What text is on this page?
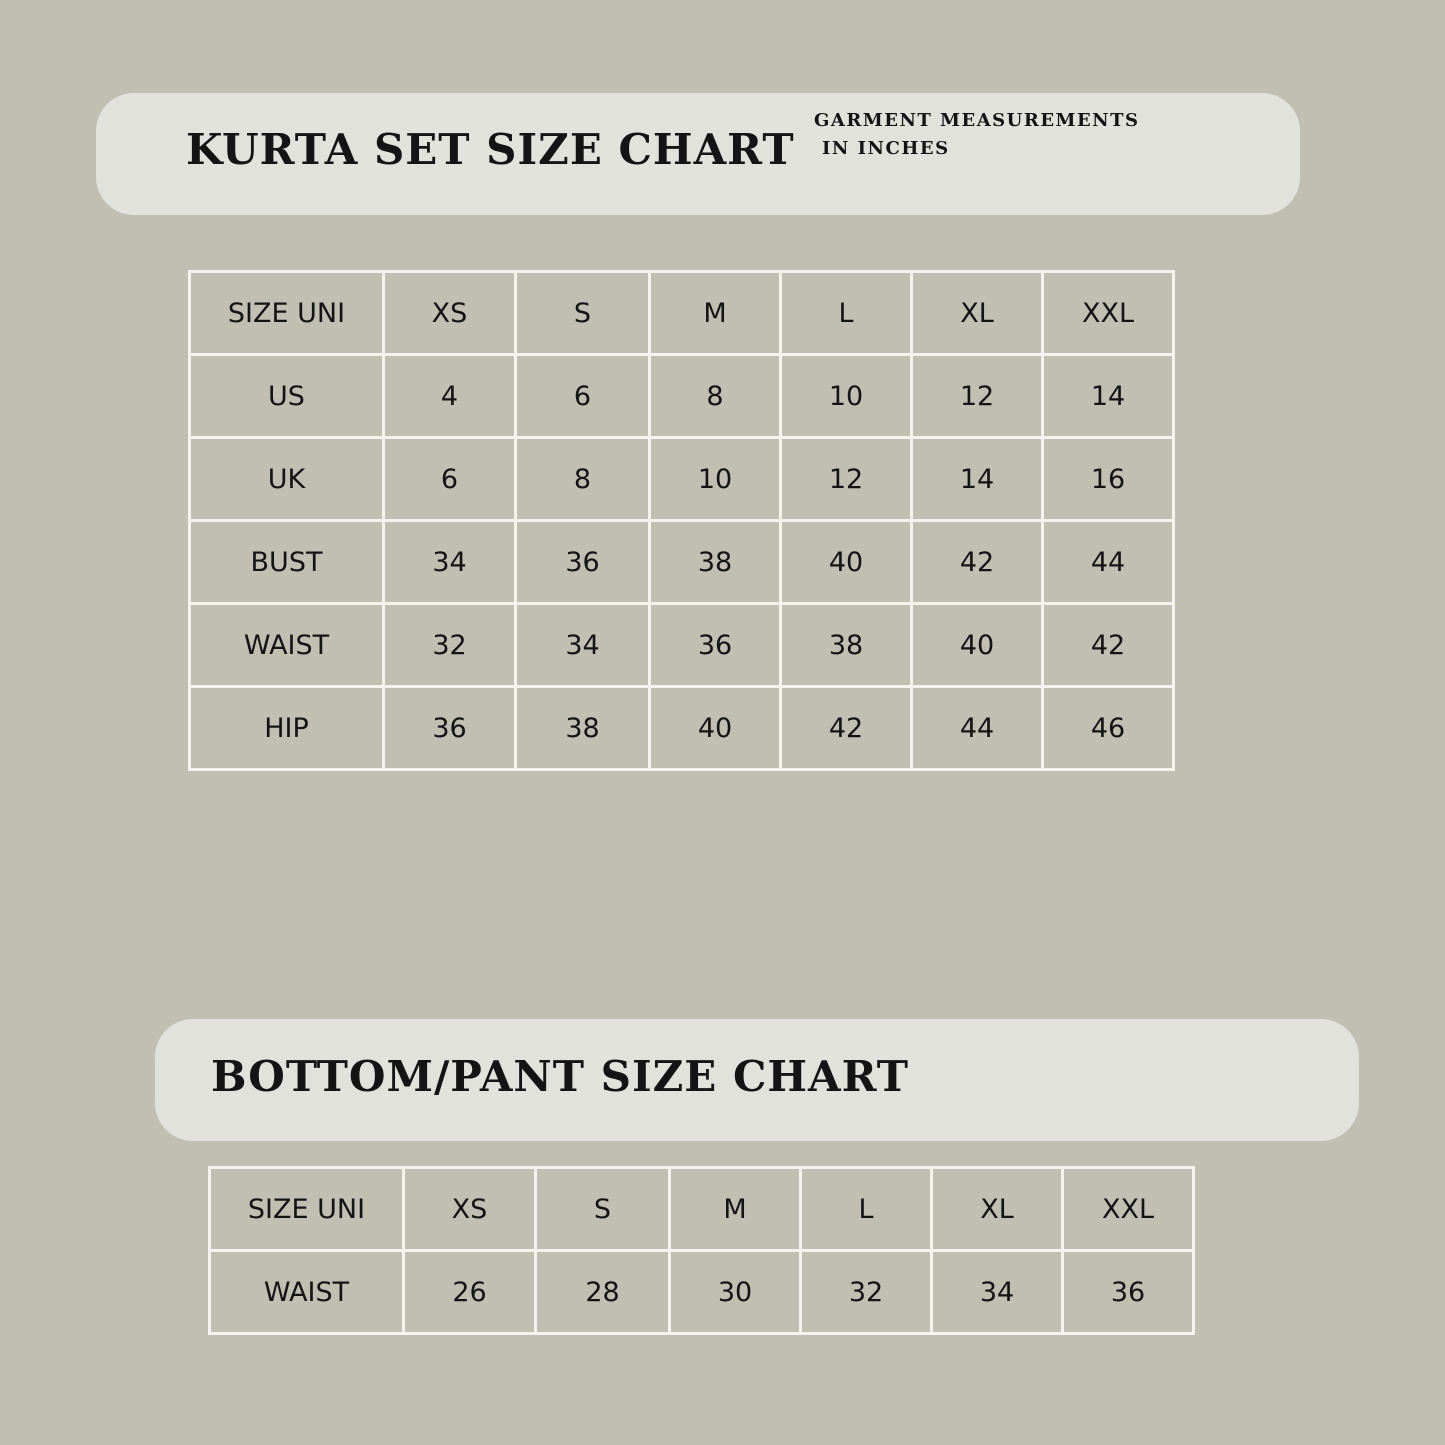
KURTA SET SIZE CHART
GARMENT MEASUREMENTS
IN INCHES
SIZE UNI	XS	S	M	L	XL	XXL
US	4	6	8	10	12	14
UK	6	8	10	12	14	16
BUST	34	36	38	40	42	44
WAIST	32	34	36	38	40	42
HIP	36	38	40	42	44	46
BOTTOM/PANT SIZE CHART
SIZE UNI	XS	S	M	L	XL	XXL
WAIST	26	28	30	32	34	36
